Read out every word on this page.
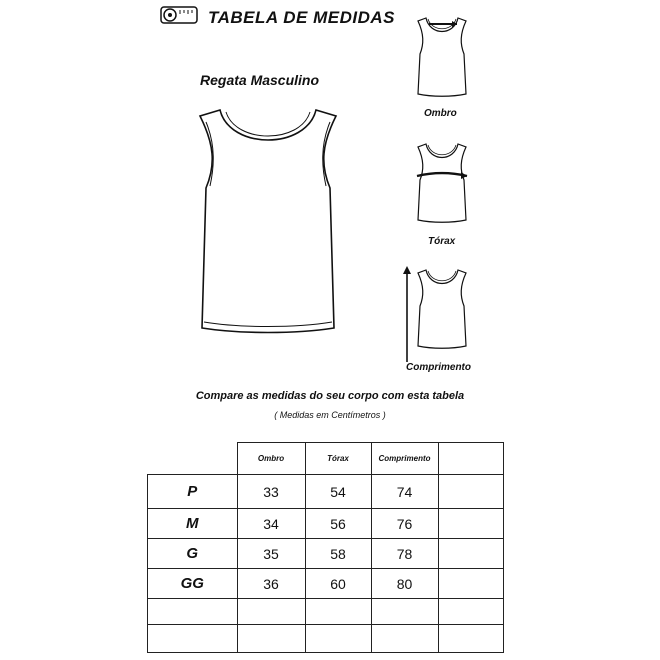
TABELA DE MEDIDAS
Regata Masculino
Ombro
Tórax
Comprimento
Compare as medidas do seu corpo com esta tabela
( Medidas em Centímetros )
	Ombro	Tórax	Comprimento	
P	33	54	74	
M	34	56	76	
G	35	58	78	
GG	36	60	80	
